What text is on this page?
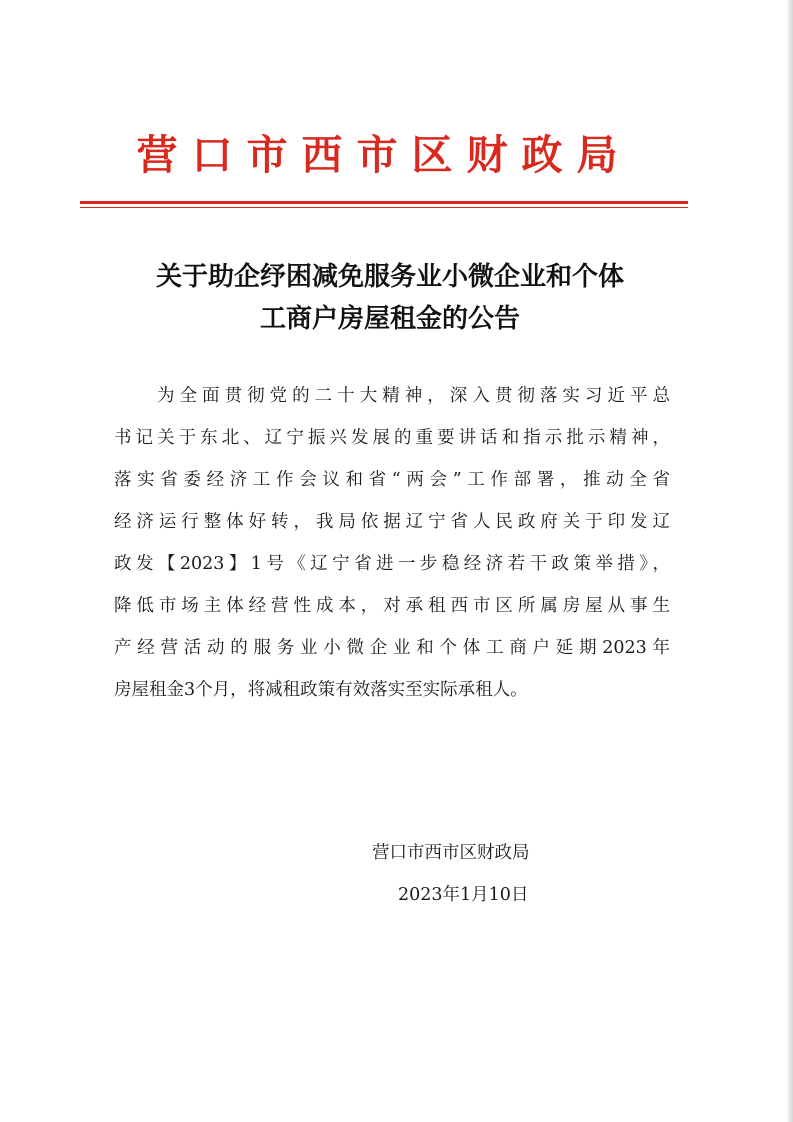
营口市西市区财政局
关于助企纾困减免服务业小微企业和个体
工商户房屋租金的公告
为全面贯彻党的二十大精神，深入贯彻落实习近平总
书记关于东北、辽宁振兴发展的重要讲话和指示批示精神，
落实省委经济工作会议和省“两会”工作部署，推动全省
经济运行整体好转，我局依据辽宁省人民政府关于印发辽
政发【2023】1号《辽宁省进一步稳经济若干政策举措》，
降低市场主体经营性成本，对承租西市区所属房屋从事生
产经营活动的服务业小微企业和个体工商户延期2023年
房屋租金3个月，将减租政策有效落实至实际承租人。
营口市西市区财政局
2023年1月10日
